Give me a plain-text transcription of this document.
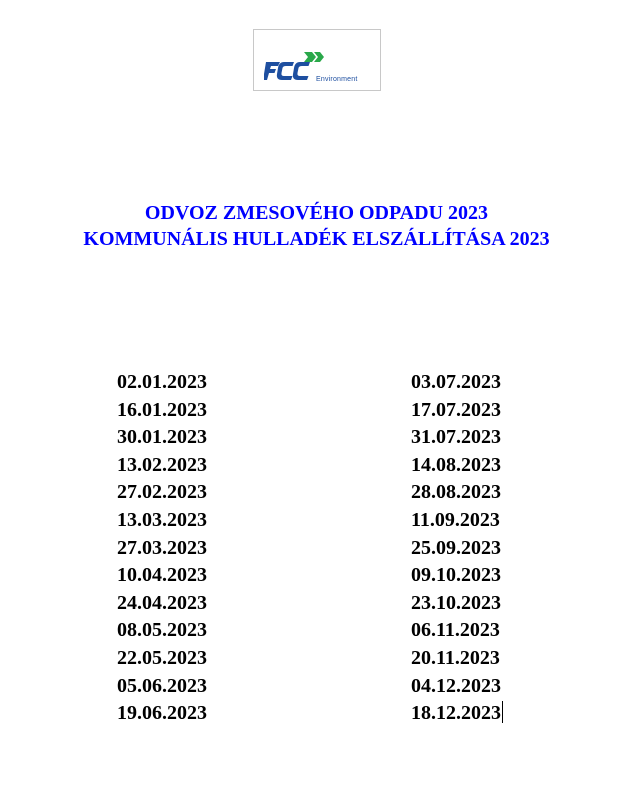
Environment
ODVOZ ZMESOVÉHO ODPADU 2023
KOMMUNÁLIS HULLADÉK ELSZÁLLÍTÁSA 2023
02.01.2023
16.01.2023
30.01.2023
13.02.2023
27.02.2023
13.03.2023
27.03.2023
10.04.2023
24.04.2023
08.05.2023
22.05.2023
05.06.2023
19.06.2023
03.07.2023
17.07.2023
31.07.2023
14.08.2023
28.08.2023
11.09.2023
25.09.2023
09.10.2023
23.10.2023
06.11.2023
20.11.2023
04.12.2023
18.12.2023
